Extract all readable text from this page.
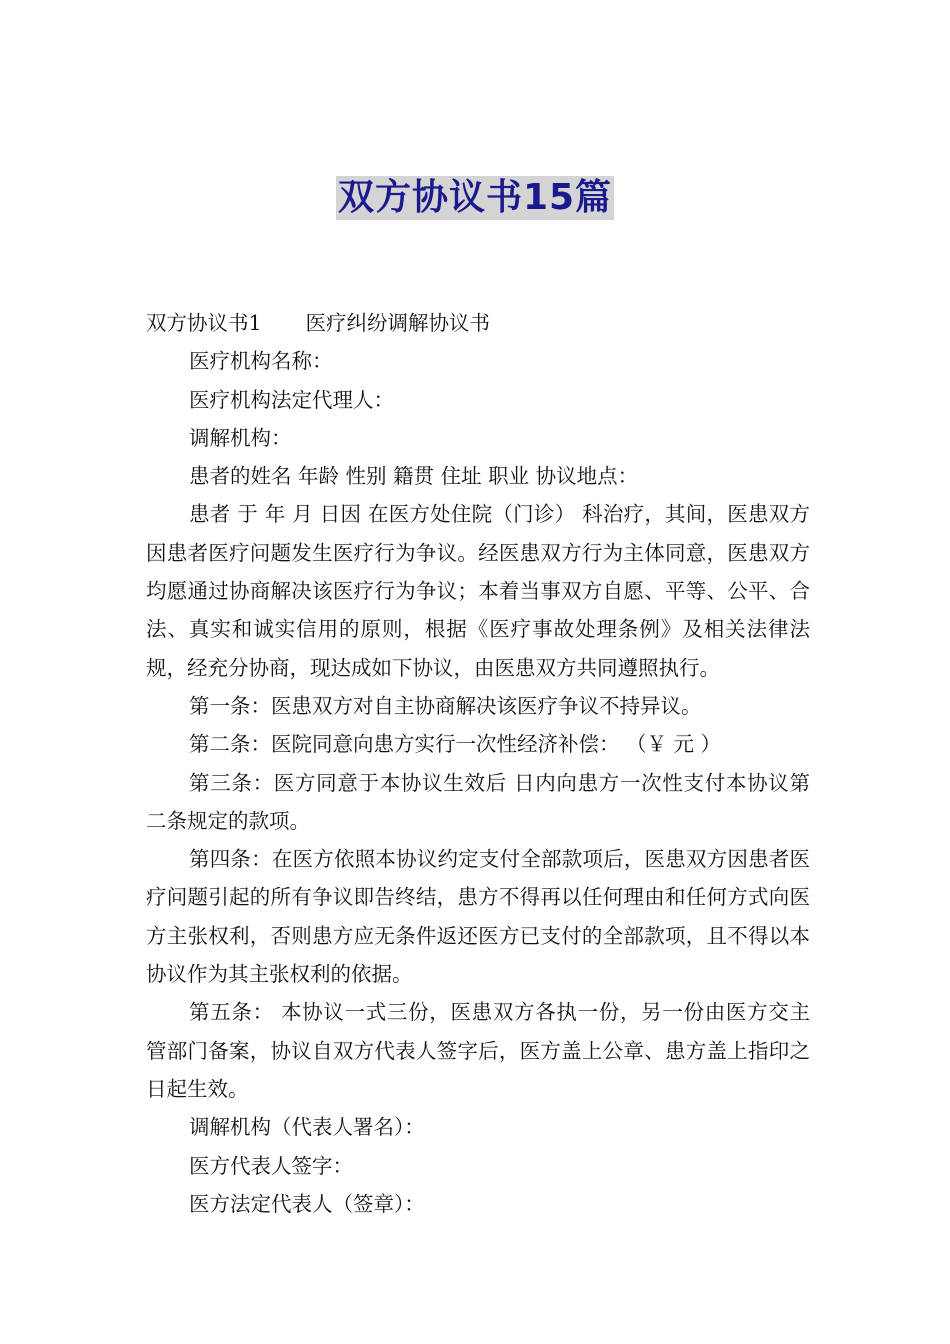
双方协议书15篇

双方协议书1 医疗纠纷调解协议书

医疗机构名称：

医疗机构法定代理人：

调解机构：

患者的姓名 年龄 性别 籍贯 住址 职业 协议地点：

患者 于 年 月 日因 在医方处住院（门诊） 科治疗，其间，医患双方因患者医疗问题发生医疗行为争议。经医患双方行为主体同意，医患双方均愿通过协商解决该医疗行为争议；本着当事双方自愿、平等、公平、合法、真实和诚实信用的原则，根据《医疗事故处理条例》及相关法律法规，经充分协商，现达成如下协议，由医患双方共同遵照执行。

第一条：医患双方对自主协商解决该医疗争议不持异议。

第二条：医院同意向患方实行一次性经济补偿： （￥ 元 ）

第三条：医方同意于本协议生效后 日内向患方一次性支付本协议第二条规定的款项。

第四条：在医方依照本协议约定支付全部款项后，医患双方因患者医疗问题引起的所有争议即告终结，患方不得再以任何理由和任何方式向医方主张权利，否则患方应无条件返还医方已支付的全部款项，且不得以本协议作为其主张权利的依据。

第五条： 本协议一式三份，医患双方各执一份，另一份由医方交主管部门备案，协议自双方代表人签字后，医方盖上公章、患方盖上指印之日起生效。

调解机构（代表人署名）：

医方代表人签字：

医方法定代表人（签章）：
